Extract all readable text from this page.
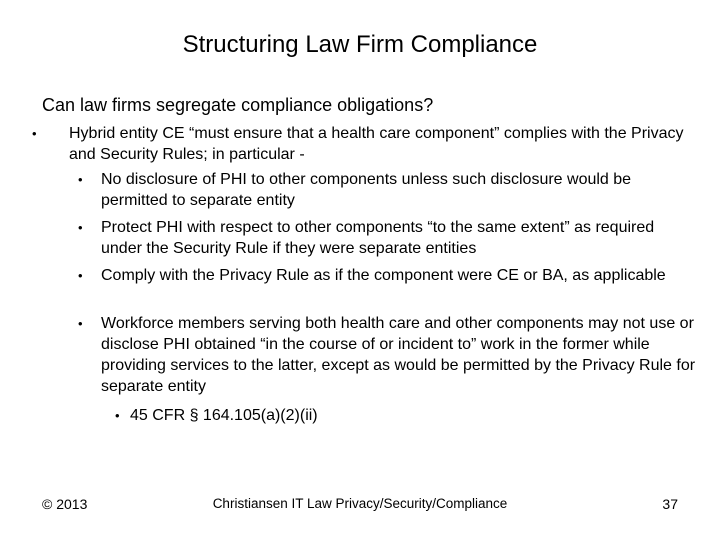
Structuring Law Firm Compliance
Can law firms segregate compliance obligations?
•	Hybrid entity CE “must ensure that a health care component” complies with the Privacy and Security Rules; in particular -
•	No disclosure of PHI to other components unless such disclosure would be permitted to separate entity
•	Protect PHI with respect to other components “to the same extent” as required under the Security Rule if they were separate entities
•	Comply with the Privacy Rule as if the component were CE or BA, as applicable
•	Workforce members serving both health care and other components may not use or disclose PHI obtained “in the course of or incident to” work in the former while providing services to the latter, except as would be permitted by the Privacy Rule for separate entity
• 45 CFR § 164.105(a)(2)(ii)
© 2013	Christiansen IT Law Privacy/Security/Compliance	37
